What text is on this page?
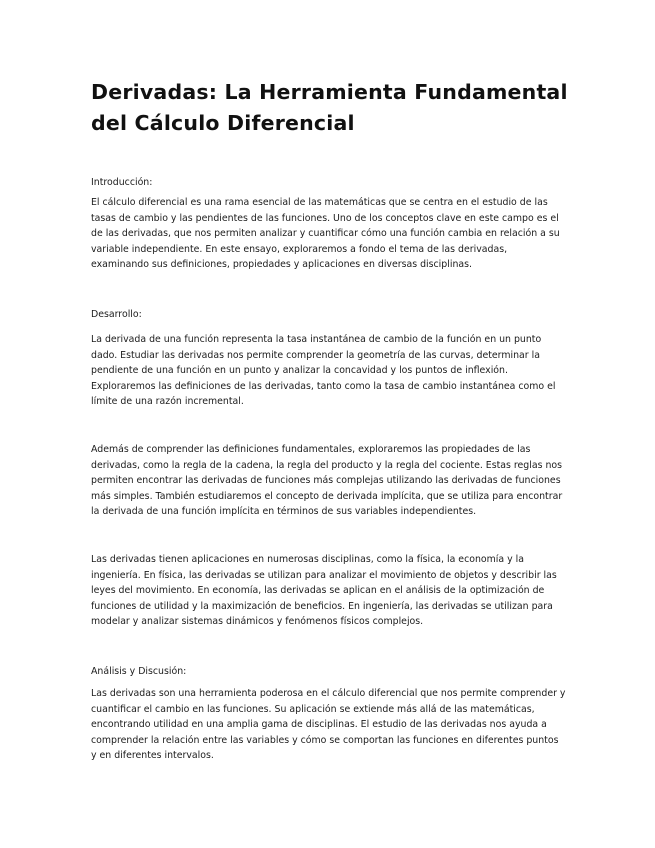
Derivadas: La Herramienta Fundamental del Cálculo Diferencial

Introducción:

El cálculo diferencial es una rama esencial de las matemáticas que se centra en el estudio de las tasas de cambio y las pendientes de las funciones. Uno de los conceptos clave en este campo es el de las derivadas, que nos permiten analizar y cuantificar cómo una función cambia en relación a su variable independiente. En este ensayo, exploraremos a fondo el tema de las derivadas, examinando sus definiciones, propiedades y aplicaciones en diversas disciplinas.

Desarrollo:

La derivada de una función representa la tasa instantánea de cambio de la función en un punto dado. Estudiar las derivadas nos permite comprender la geometría de las curvas, determinar la pendiente de una función en un punto y analizar la concavidad y los puntos de inflexión. Exploraremos las definiciones de las derivadas, tanto como la tasa de cambio instantánea como el límite de una razón incremental.

Además de comprender las definiciones fundamentales, exploraremos las propiedades de las derivadas, como la regla de la cadena, la regla del producto y la regla del cociente. Estas reglas nos permiten encontrar las derivadas de funciones más complejas utilizando las derivadas de funciones más simples. También estudiaremos el concepto de derivada implícita, que se utiliza para encontrar la derivada de una función implícita en términos de sus variables independientes.

Las derivadas tienen aplicaciones en numerosas disciplinas, como la física, la economía y la ingeniería. En física, las derivadas se utilizan para analizar el movimiento de objetos y describir las leyes del movimiento. En economía, las derivadas se aplican en el análisis de la optimización de funciones de utilidad y la maximización de beneficios. En ingeniería, las derivadas se utilizan para modelar y analizar sistemas dinámicos y fenómenos físicos complejos.

Análisis y Discusión:

Las derivadas son una herramienta poderosa en el cálculo diferencial que nos permite comprender y cuantificar el cambio en las funciones. Su aplicación se extiende más allá de las matemáticas, encontrando utilidad en una amplia gama de disciplinas. El estudio de las derivadas nos ayuda a comprender la relación entre las variables y cómo se comportan las funciones en diferentes puntos y en diferentes intervalos.
